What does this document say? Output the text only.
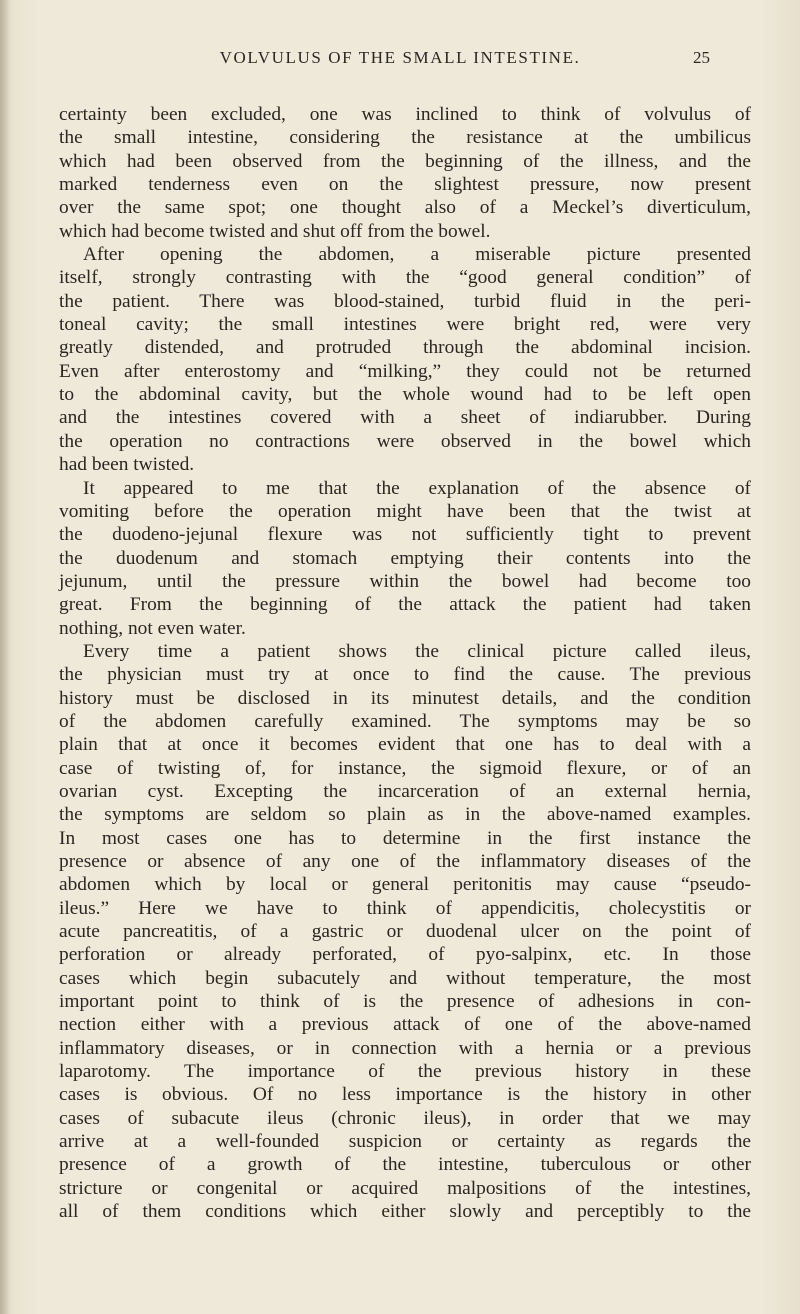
VOLVULUS OF THE SMALL INTESTINE.	25
certainty been excluded, one was inclined to think of volvulus of
the small intestine, considering the resistance at the umbilicus
which had been observed from the beginning of the illness, and the
marked tenderness even on the slightest pressure, now present
over the same spot; one thought also of a Meckel’s diverticulum,
which had become twisted and shut off from the bowel.
After opening the abdomen, a miserable picture presented
itself, strongly contrasting with the “good general condition” of
the patient. There was blood-stained, turbid fluid in the peri-
toneal cavity; the small intestines were bright red, were very
greatly distended, and protruded through the abdominal incision.
Even after enterostomy and “milking,” they could not be returned
to the abdominal cavity, but the whole wound had to be left open
and the intestines covered with a sheet of indiarubber. During
the operation no contractions were observed in the bowel which
had been twisted.
It appeared to me that the explanation of the absence of
vomiting before the operation might have been that the twist at
the duodeno-jejunal flexure was not sufficiently tight to prevent
the duodenum and stomach emptying their contents into the
jejunum, until the pressure within the bowel had become too
great. From the beginning of the attack the patient had taken
nothing, not even water.
Every time a patient shows the clinical picture called ileus,
the physician must try at once to find the cause. The previous
history must be disclosed in its minutest details, and the condition
of the abdomen carefully examined. The symptoms may be so
plain that at once it becomes evident that one has to deal with a
case of twisting of, for instance, the sigmoid flexure, or of an
ovarian cyst. Excepting the incarceration of an external hernia,
the symptoms are seldom so plain as in the above-named examples.
In most cases one has to determine in the first instance the
presence or absence of any one of the inflammatory diseases of the
abdomen which by local or general peritonitis may cause “pseudo-
ileus.” Here we have to think of appendicitis, cholecystitis or
acute pancreatitis, of a gastric or duodenal ulcer on the point of
perforation or already perforated, of pyo-salpinx, etc. In those
cases which begin subacutely and without temperature, the most
important point to think of is the presence of adhesions in con-
nection either with a previous attack of one of the above-named
inflammatory diseases, or in connection with a hernia or a previous
laparotomy. The importance of the previous history in these
cases is obvious. Of no less importance is the history in other
cases of subacute ileus (chronic ileus), in order that we may
arrive at a well-founded suspicion or certainty as regards the
presence of a growth of the intestine, tuberculous or other
stricture or congenital or acquired malpositions of the intestines,
all of them conditions which either slowly and perceptibly to the
